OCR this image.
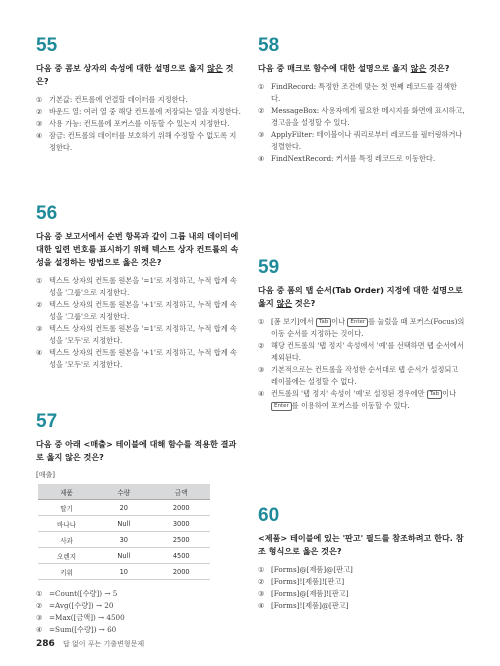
55
다음 중 콤보 상자의 속성에 대한 설명으로 옳지 않은 것은?
① 기본값: 컨트롤에 연결할 데이터를 지정한다.
② 바운드 열: 여러 열 중 해당 컨트롤에 저장되는 열을 지정한다.
③ 사용 가능: 컨트롤에 포커스를 이동할 수 있는지 지정한다.
④ 잠금: 컨트롤의 데이터를 보호하기 위해 수정할 수 없도록 지정한다.
56
다음 중 보고서에서 순번 항목과 같이 그룹 내의 데이터에 대한 일련 번호를 표시하기 위해 텍스트 상자 컨트롤의 속성을 설정하는 방법으로 옳은 것은?
① 텍스트 상자의 컨트롤 원본을 '=1'로 지정하고, 누적 합계 속성을 '그룹'으로 지정한다.
② 텍스트 상자의 컨트롤 원본을 '+1'로 지정하고, 누적 합계 속성을 '그룹'으로 지정한다.
③ 텍스트 상자의 컨트롤 원본을 '=1'로 지정하고, 누적 합계 속성을 '모두'로 지정한다.
④ 텍스트 상자의 컨트롤 원본을 '+1'로 지정하고, 누적 합계 속성을 '모두'로 지정한다.
57
다음 중 아래 <매출> 테이블에 대해 함수를 적용한 결과로 옳지 않은 것은?
[매출]
제품	수량	금액
딸기	20	2000
바나나	Null	3000
사과	30	2500
오렌지	Null	4500
키위	10	2000
① =Count([수량]) → 5
② =Avg([수량]) → 20
③ =Max([금액]) → 4500
④ =Sum([수량]) → 60
58
다음 중 매크로 함수에 대한 설명으로 옳지 않은 것은?
① FindRecord: 특정한 조건에 맞는 첫 번째 레코드를 검색한다.
② MessageBox: 사용자에게 필요한 메시지를 화면에 표시하고, 경고음을 설정할 수 있다.
③ ApplyFilter: 테이블이나 쿼리로부터 레코드를 필터링하거나 정렬한다.
④ FindNextRecord: 커서를 특정 레코드로 이동한다.
59
다음 중 폼의 탭 순서(Tab Order) 지정에 대한 설명으로 옳지 않은 것은?
① [폼 보기]에서 Tab 이나 Enter 를 눌렀을 때 포커스(Focus)의 이동 순서를 지정하는 것이다.
② 해당 컨트롤의 '탭 정지' 속성에서 '예'를 선택하면 탭 순서에서 제외된다.
③ 기본적으로는 컨트롤을 작성한 순서대로 탭 순서가 설정되고 레이블에는 설정할 수 없다.
④ 컨트롤의 '탭 정지' 속성이 '예'로 설정된 경우에만 Tab 이나 Enter 를 이용하여 포커스를 이동할 수 있다.
60
<제품> 테이블에 있는 '판고' 필드를 참조하려고 한다. 참조 형식으로 옳은 것은?
① [Forms]@[제품]@[판고]
② [Forms]![제품]![판고]
③ [Forms]@[제품]![판고]
④ [Forms]![제품]@[판고]
286 답 없이 푸는 기출변형문제
